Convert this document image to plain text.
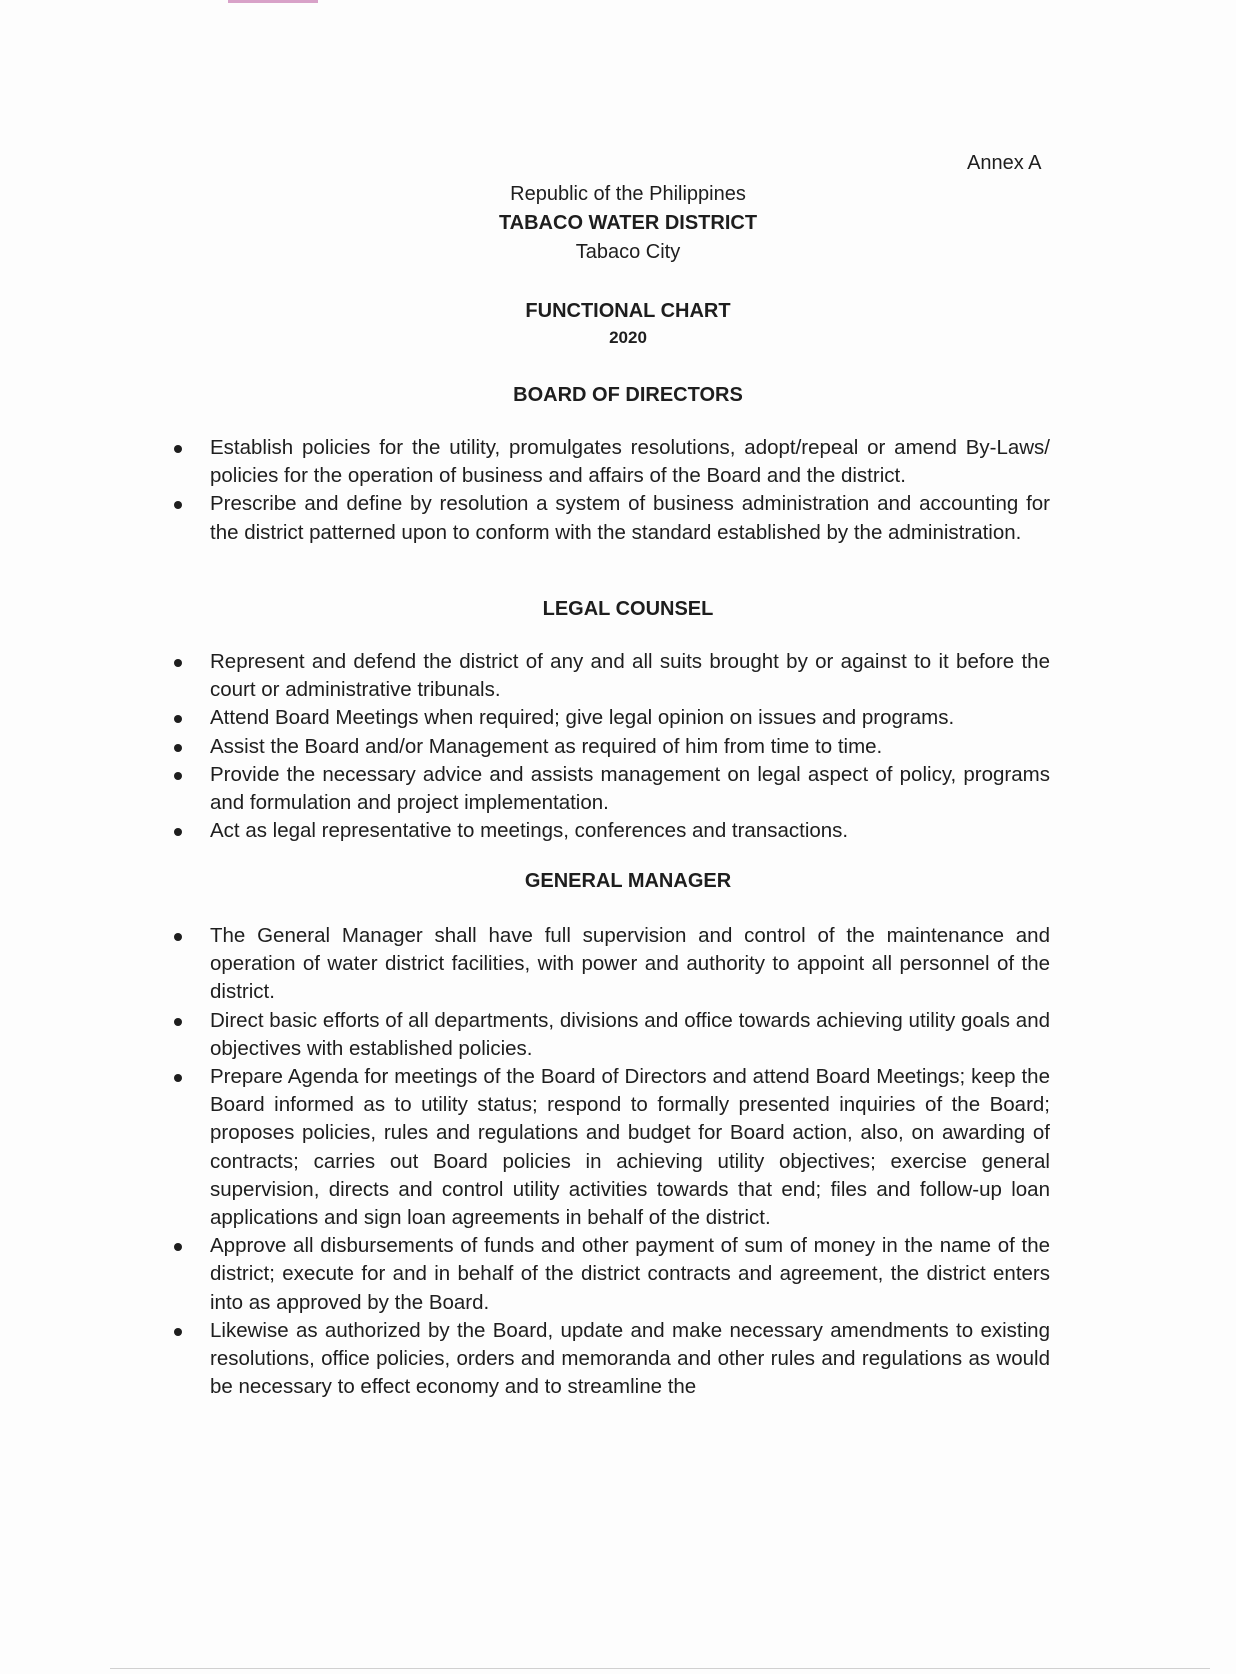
Annex A
Republic of the Philippines
TABACO WATER DISTRICT
Tabaco City
FUNCTIONAL CHART
2020
BOARD OF DIRECTORS
Establish policies for the utility, promulgates resolutions, adopt/repeal or amend By-Laws/ policies for the operation of business and affairs of the Board and the district.
Prescribe and define by resolution a system of business administration and accounting for the district patterned upon to conform with the standard established by the administration.
LEGAL COUNSEL
Represent and defend the district of any and all suits brought by or against to it before the court or administrative tribunals.
Attend Board Meetings when required; give legal opinion on issues and programs.
Assist the Board and/or Management as required of him from time to time.
Provide the necessary advice and assists management on legal aspect of policy, programs and formulation and project implementation.
Act as legal representative to meetings, conferences and transactions.
GENERAL MANAGER
The General Manager shall have full supervision and control of the maintenance and operation of water district facilities, with power and authority to appoint all personnel of the district.
Direct basic efforts of all departments, divisions and office towards achieving utility goals and objectives with established policies.
Prepare Agenda for meetings of the Board of Directors and attend Board Meetings; keep the Board informed as to utility status; respond to formally presented inquiries of the Board; proposes policies, rules and regulations and budget for Board action, also, on awarding of contracts; carries out Board policies in achieving utility objectives; exercise general supervision, directs and control utility activities towards that end; files and follow-up loan applications and sign loan agreements in behalf of the district.
Approve all disbursements of funds and other payment of sum of money in the name of the district; execute for and in behalf of the district contracts and agreement, the district enters into as approved by the Board.
Likewise as authorized by the Board, update and make necessary amendments to existing resolutions, office policies, orders and memoranda and other rules and regulations as would be necessary to effect economy and to streamline the
